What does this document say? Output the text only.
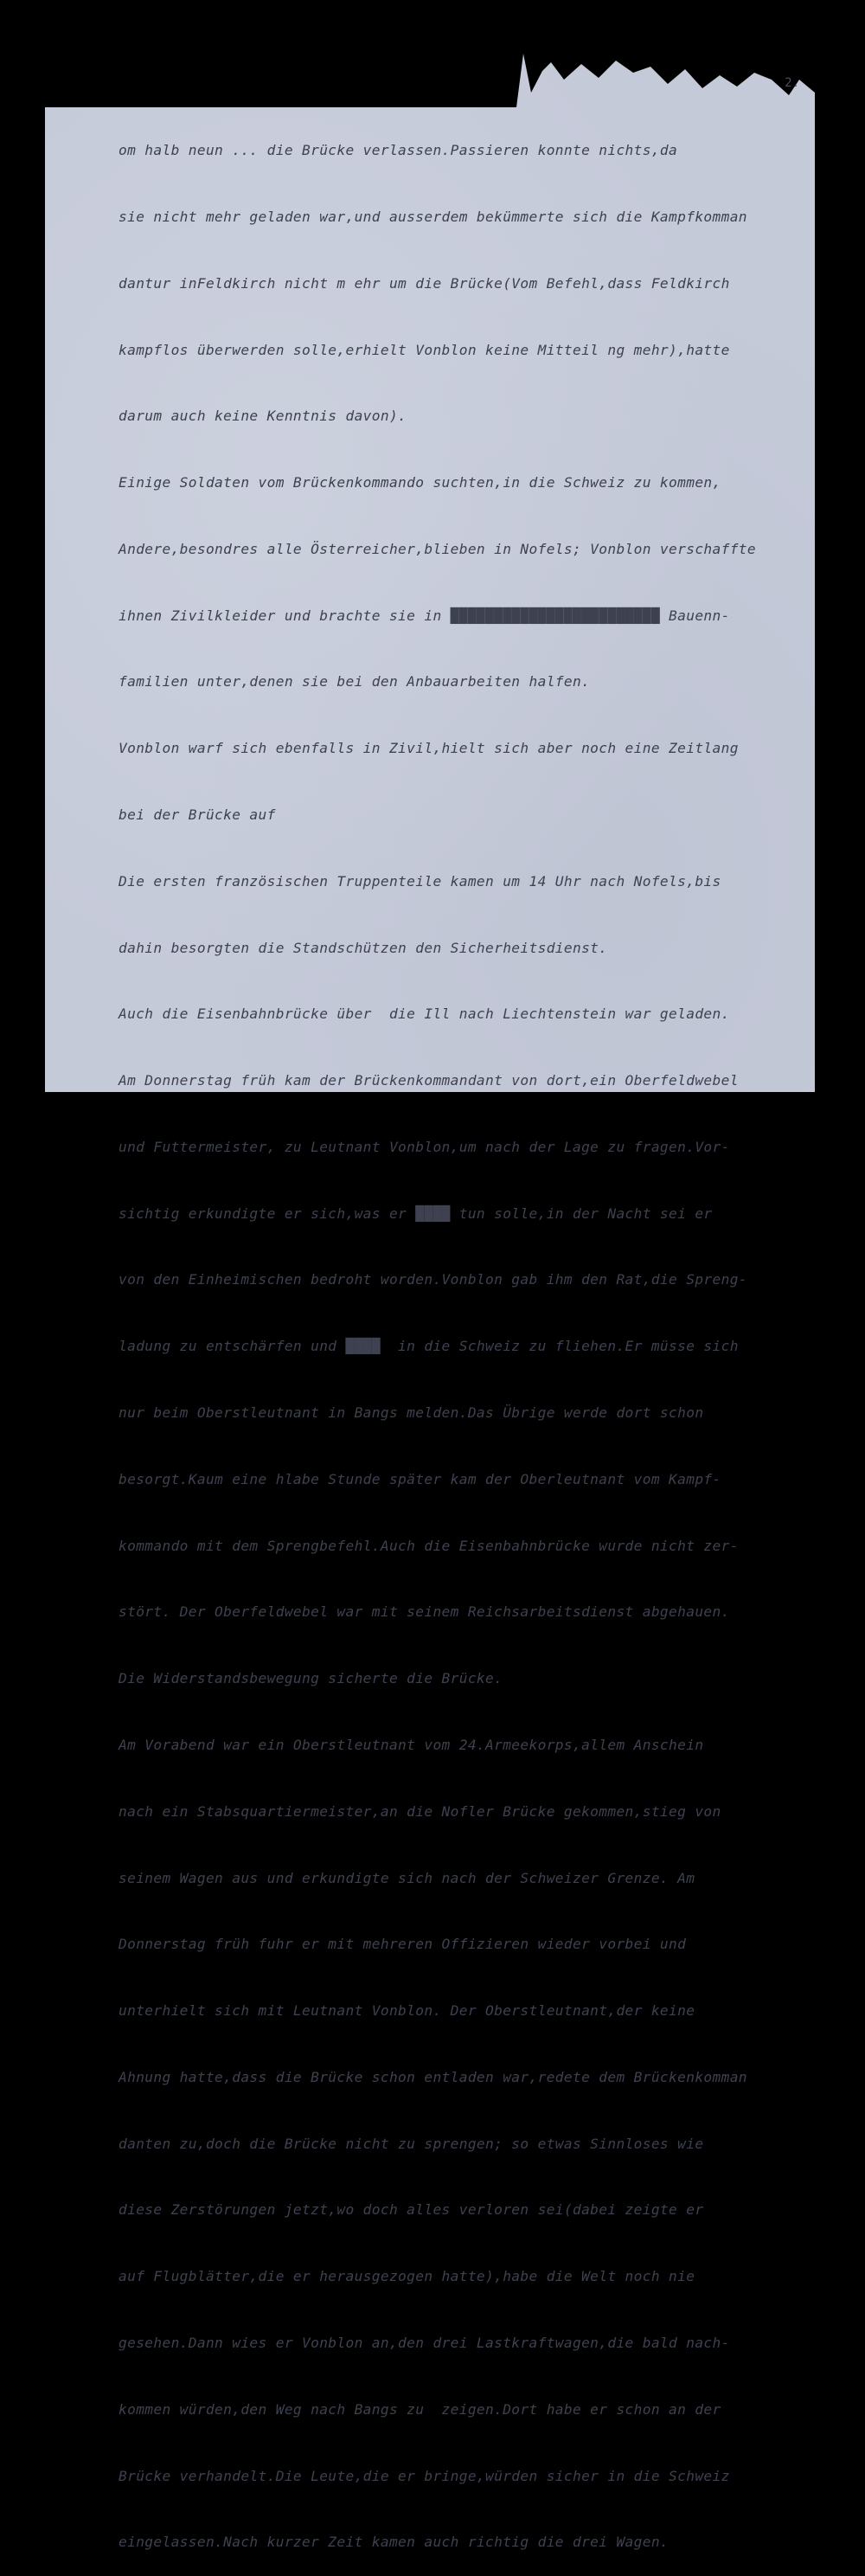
2.

om halb neun ... die Brücke verlassen.Passieren konnte nichts,da

sie nicht mehr geladen war,und ausserdem bekümmerte sich die Kampfkomman

dantur inFeldkirch nicht m ehr um die Brücke(Vom Befehl,dass Feldkirch

kampflos überwerden solle,erhielt Vonblon keine Mitteil ng mehr),hatte

darum auch keine Kenntnis davon).

Einige Soldaten vom Brückenkommando suchten,in die Schweiz zu kommen,

Andere,besondres alle Österreicher,blieben in Nofels; Vonblon verschaffte

ihnen Zivilkleider und brachte sie in ████████████████████████ Bauenn-

familien unter,denen sie bei den Anbauarbeiten halfen.

Vonblon warf sich ebenfalls in Zivil,hielt sich aber noch eine Zeitlang

bei der Brücke auf

Die ersten französischen Truppenteile kamen um 14 Uhr nach Nofels,bis

dahin besorgten die Standschützen den Sicherheitsdienst.

Auch die Eisenbahnbrücke über  die Ill nach Liechtenstein war geladen.

Am Donnerstag früh kam der Brückenkommandant von dort,ein Oberfeldwebel

und Futtermeister, zu Leutnant Vonblon,um nach der Lage zu fragen.Vor-

sichtig erkundigte er sich,was er ████ tun solle,in der Nacht sei er

von den Einheimischen bedroht worden.Vonblon gab ihm den Rat,die Spreng-

ladung zu entschärfen und ████  in die Schweiz zu fliehen.Er müsse sich

nur beim Oberstleutnant in Bangs melden.Das Übrige werde dort schon

besorgt.Kaum eine hlabe Stunde später kam der Oberleutnant vom Kampf-

kommando mit dem Sprengbefehl.Auch die Eisenbahnbrücke wurde nicht zer-

stört. Der Oberfeldwebel war mit seinem Reichsarbeitsdienst abgehauen.

Die Widerstandsbewegung sicherte die Brücke.

Am Vorabend war ein Oberstleutnant vom 24.Armeekorps,allem Anschein

nach ein Stabsquartiermeister,an die Nofler Brücke gekommen,stieg von

seinem Wagen aus und erkundigte sich nach der Schweizer Grenze. Am

Donnerstag früh fuhr er mit mehreren Offizieren wieder vorbei und

unterhielt sich mit Leutnant Vonblon. Der Oberstleutnant,der keine

Ahnung hatte,dass die Brücke schon entladen war,redete dem Brückenkomman

danten zu,doch die Brücke nicht zu sprengen; so etwas Sinnloses wie

diese Zerstörungen jetzt,wo doch alles verloren sei(dabei zeigte er

auf Flugblätter,die er herausgezogen hatte),habe die Welt noch nie

gesehen.Dann wies er Vonblon an,den drei Lastkraftwagen,die bald nach-

kommen würden,den Weg nach Bangs zu  zeigen.Dort habe er schon an der

Brücke verhandelt.Die Leute,die er bringe,würden sicher in die Schweiz

eingelassen.Nach kurzer Zeit kamen auch richtig die drei Wagen.
